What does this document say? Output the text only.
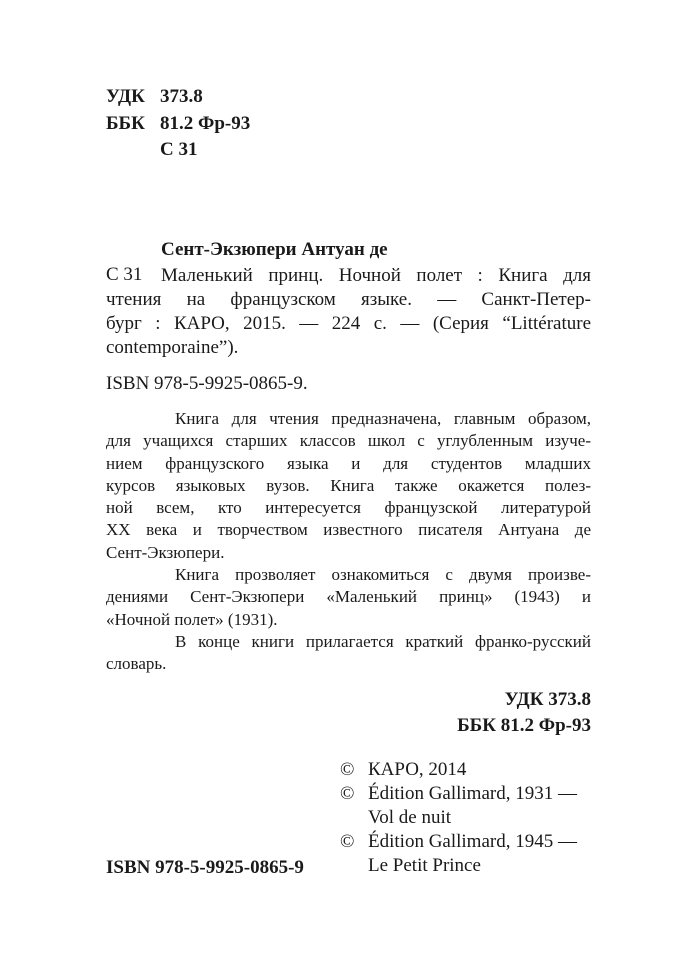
УДК 373.8
ББК 81.2 Фр-93
С 31
Сент-Экзюпери Антуан де
С 31 Маленький принц. Ночной полет : Книга для
чтения на французском языке. — Санкт-Петер-
бург : КАРО, 2015. — 224 с. — (Серия “Littérature
contemporaine”).
ISBN 978-5-9925-0865-9.
Книга для чтения предназначена, главным образом,
для учащихся старших классов школ с углубленным изуче-
нием французского языка и для студентов младших
курсов языковых вузов. Книга также окажется полез-
ной всем, кто интересуется французской литературой
XX века и творчеством известного писателя Антуана де
Сент-Экзюпери.
Книга прозволяет ознакомиться с двумя произве-
дениями Сент-Экзюпери «Маленький принц» (1943) и
«Ночной полет» (1931).
В конце книги прилагается краткий франко-русский
словарь.
УДК 373.8
ББК 81.2 Фр-93
© КАРО, 2014
© Édition Gallimard, 1931 —
Vol de nuit
© Édition Gallimard, 1945 —
Le Petit Prince
ISBN 978-5-9925-0865-9
